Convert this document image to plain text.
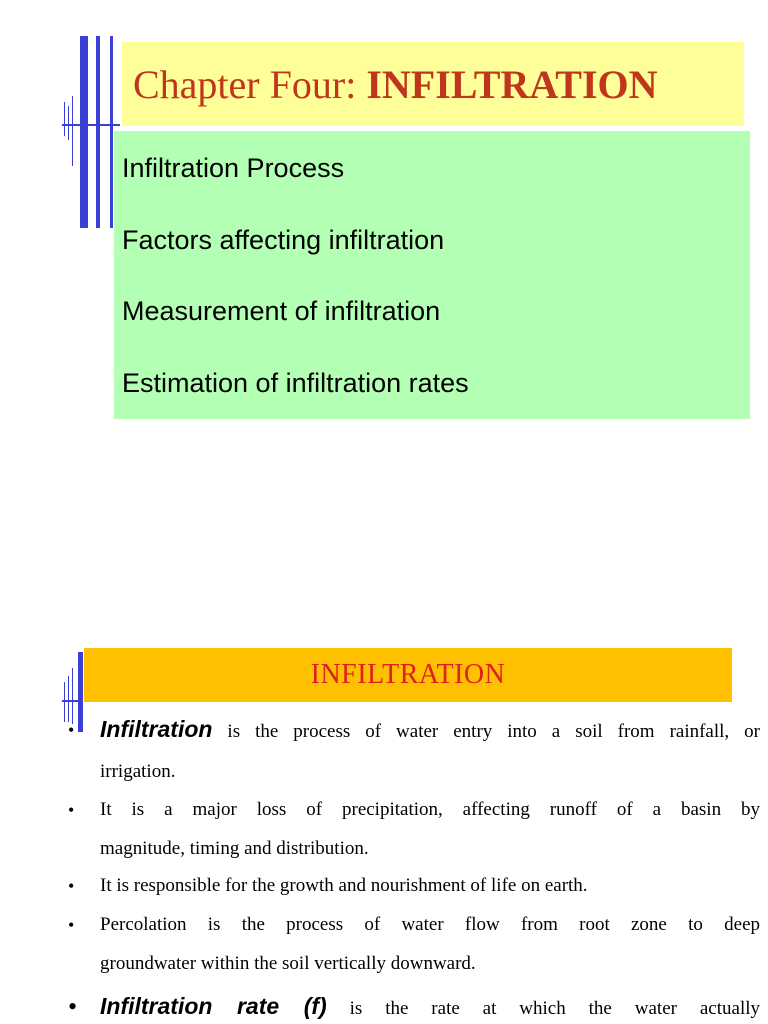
Chapter Four: INFILTRATION
Infiltration Process
Factors affecting infiltration
Measurement of infiltration
Estimation of infiltration rates
INFILTRATION
• Infiltration is the process of water entry into a soil from rainfall, or
irrigation.
• It is a major loss of precipitation, affecting runoff of a basin by
magnitude, timing and distribution.
• It is responsible for the growth and nourishment of life on earth.
• Percolation is the process of water flow from root zone to deep
groundwater within the soil vertically downward.
• Infiltration rate (f) is the rate at which the water actually
